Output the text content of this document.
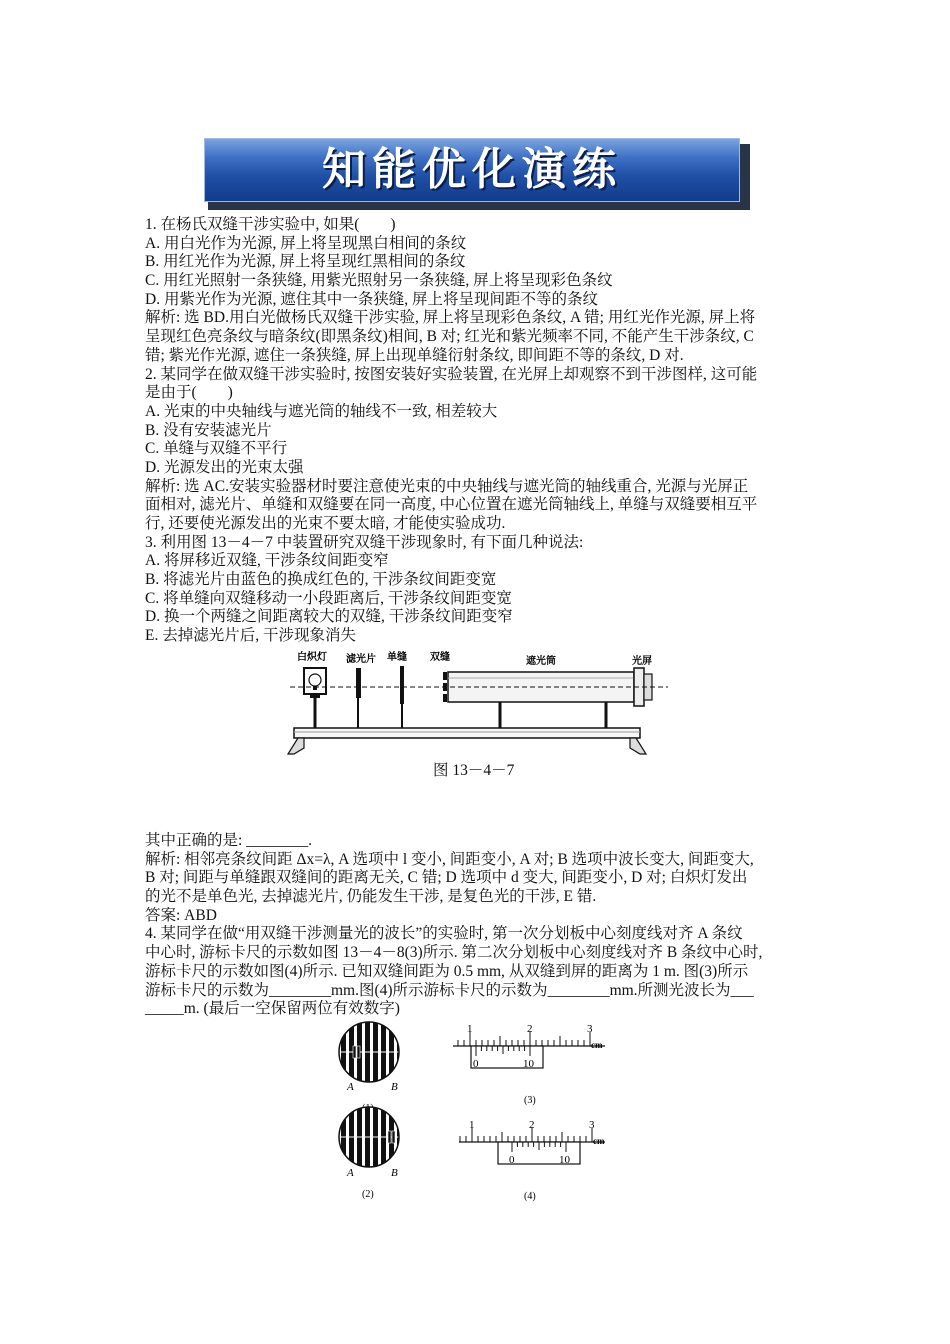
知能优化演练
1. 在杨氏双缝干涉实验中, 如果(　　)
A. 用白光作为光源, 屏上将呈现黑白相间的条纹
B. 用红光作为光源, 屏上将呈现红黑相间的条纹
C. 用红光照射一条狭缝, 用紫光照射另一条狭缝, 屏上将呈现彩色条纹
D. 用紫光作为光源, 遮住其中一条狭缝, 屏上将呈现间距不等的条纹
解析: 选 BD.用白光做杨氏双缝干涉实验, 屏上将呈现彩色条纹, A 错; 用红光作光源, 屏上将
呈现红色亮条纹与暗条纹(即黑条纹)相间, B 对; 红光和紫光频率不同, 不能产生干涉条纹, C
错; 紫光作光源, 遮住一条狭缝, 屏上出现单缝衍射条纹, 即间距不等的条纹, D 对.
2. 某同学在做双缝干涉实验时, 按图安装好实验装置, 在光屏上却观察不到干涉图样, 这可能
是由于(　　)
A. 光束的中央轴线与遮光筒的轴线不一致, 相差较大
B. 没有安装滤光片
C. 单缝与双缝不平行
D. 光源发出的光束太强
解析: 选 AC.安装实验器材时要注意使光束的中央轴线与遮光筒的轴线重合, 光源与光屏正
面相对, 滤光片、单缝和双缝要在同一高度, 中心位置在遮光筒轴线上, 单缝与双缝要相互平
行, 还要使光源发出的光束不要太暗, 才能使实验成功.
3. 利用图 13－4－7 中装置研究双缝干涉现象时, 有下面几种说法:
A. 将屏移近双缝, 干涉条纹间距变窄
B. 将滤光片由蓝色的换成红色的, 干涉条纹间距变宽
C. 将单缝向双缝移动一小段距离后, 干涉条纹间距变宽
D. 换一个两缝之间距离较大的双缝, 干涉条纹间距变窄
E. 去掉滤光片后, 干涉现象消失
白炽灯 滤光片 单缝 双缝	遮光筒	光屏
图 13－4－7
其中正确的是: ________.
解析: 相邻亮条纹间距 Δx=λ, A 选项中 l 变小, 间距变小, A 对; B 选项中波长变大, 间距变大,
B 对; 间距与单缝跟双缝间的距离无关, C 错; D 选项中 d 变大, 间距变小, D 对; 白炽灯发出
的光不是单色光, 去掉滤光片, 仍能发生干涉, 是复色光的干涉, E 错.
答案: ABD
4. 某同学在做“用双缝干涉测量光的波长”的实验时, 第一次分划板中心刻度线对齐 A 条纹
中心时, 游标卡尺的示数如图 13－4－8(3)所示. 第二次分划板中心刻度线对齐 B 条纹中心时,
游标卡尺的示数如图(4)所示. 已知双缝间距为 0.5 mm, 从双缝到屏的距离为 1 m. 图(3)所示
游标卡尺的示数为________mm.图(4)所示游标卡尺的示数为________mm.所测光波长为___
_____m. (最后一空保留两位有效数字)
A	B
A	B
(2)
1	2	3
cm
0	10
(3)
1	2	3
cm
0	10
(4)
